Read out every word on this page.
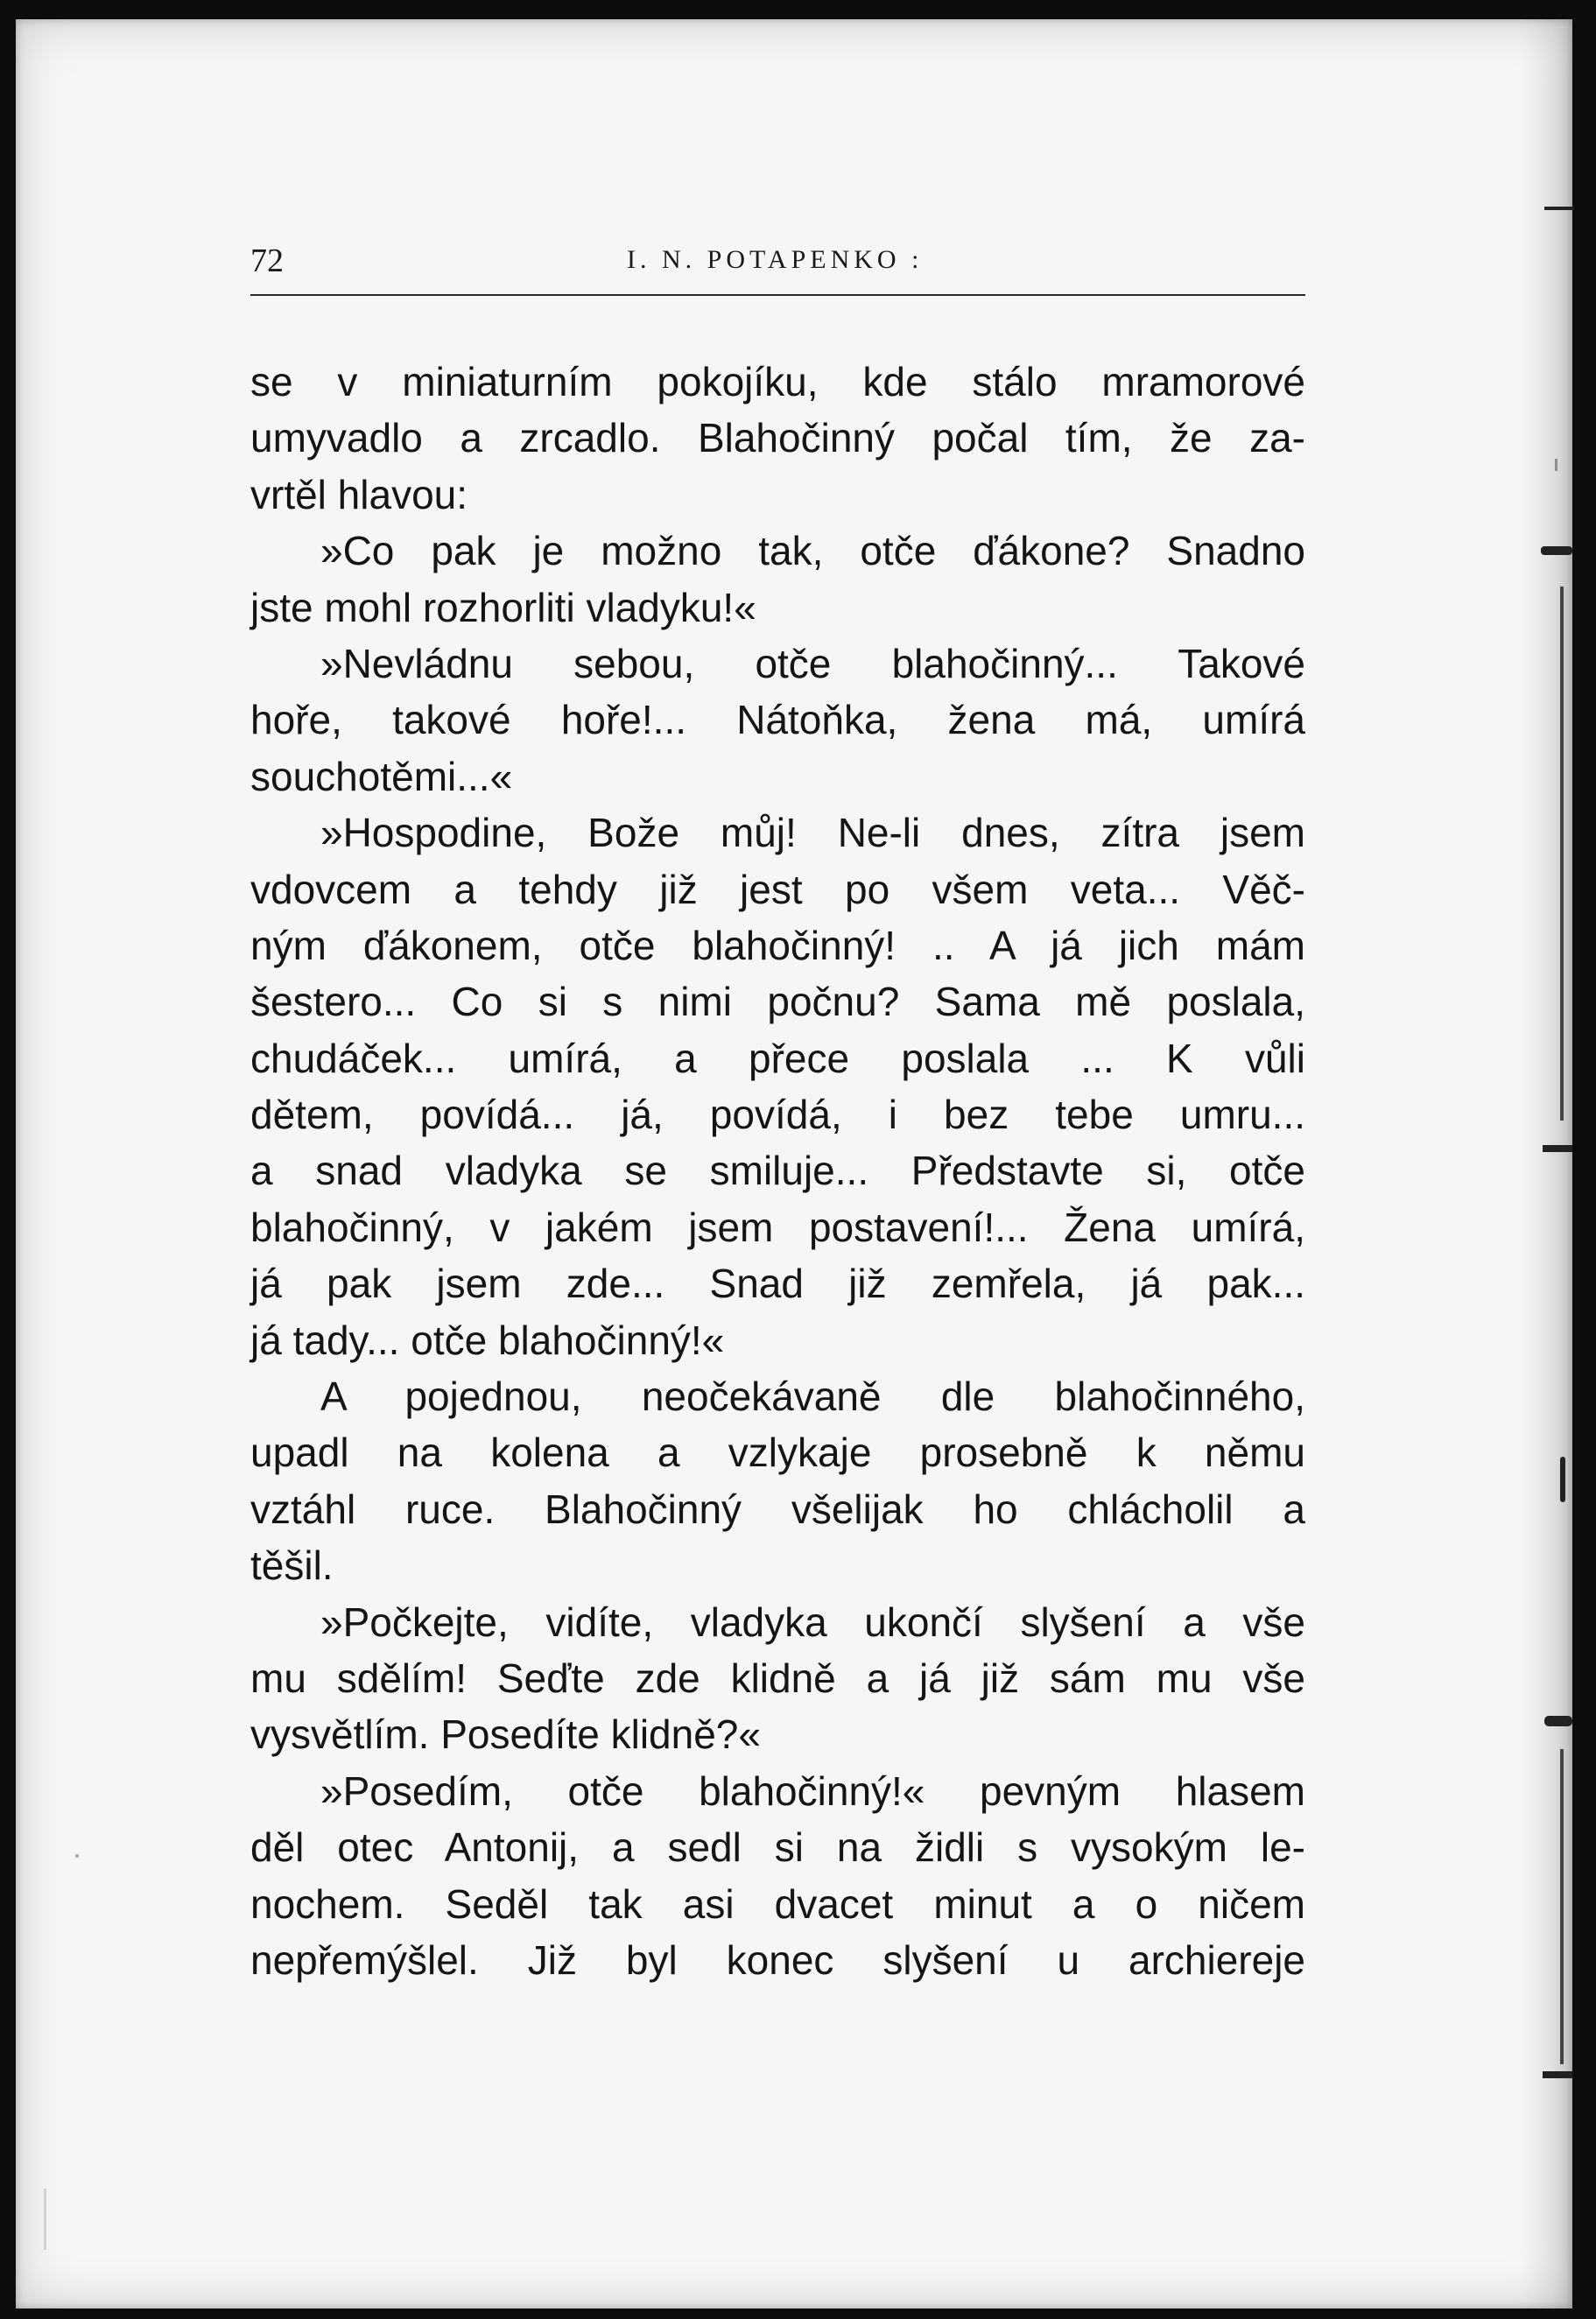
72	I. N. POTAPENKO :
se v miniaturním pokojíku, kde stálo mramorové
umyvadlo a zrcadlo. Blahočinný počal tím, že za-
vrtěl hlavou:
»Co pak je možno tak, otče ďákone? Snadno
jste mohl rozhorliti vladyku!«
»Nevládnu sebou, otče blahočinný... Takové
hoře, takové hoře!... Nátoňka, žena má, umírá
souchotěmi...«
»Hospodine, Bože můj! Ne-li dnes, zítra jsem
vdovcem a tehdy již jest po všem veta... Věč-
ným ďákonem, otče blahočinný! .. A já jich mám
šestero... Co si s nimi počnu? Sama mě poslala,
chudáček... umírá, a přece poslala ... K vůli
dětem, povídá... já, povídá, i bez tebe umru...
a snad vladyka se smiluje... Představte si, otče
blahočinný, v jakém jsem postavení!... Žena umírá,
já pak jsem zde... Snad již zemřela, já pak...
já tady... otče blahočinný!«
A pojednou, neočekávaně dle blahočinného,
upadl na kolena a vzlykaje prosebně k němu
vztáhl ruce. Blahočinný všelijak ho chlácholil a
těšil.
»Počkejte, vidíte, vladyka ukončí slyšení a vše
mu sdělím! Seďte zde klidně a já již sám mu vše
vysvětlím. Posedíte klidně?«
»Posedím, otče blahočinný!« pevným hlasem
děl otec Antonij, a sedl si na židli s vysokým le-
nochem. Seděl tak asi dvacet minut a o ničem
nepřemýšlel. Již byl konec slyšení u archiereje
